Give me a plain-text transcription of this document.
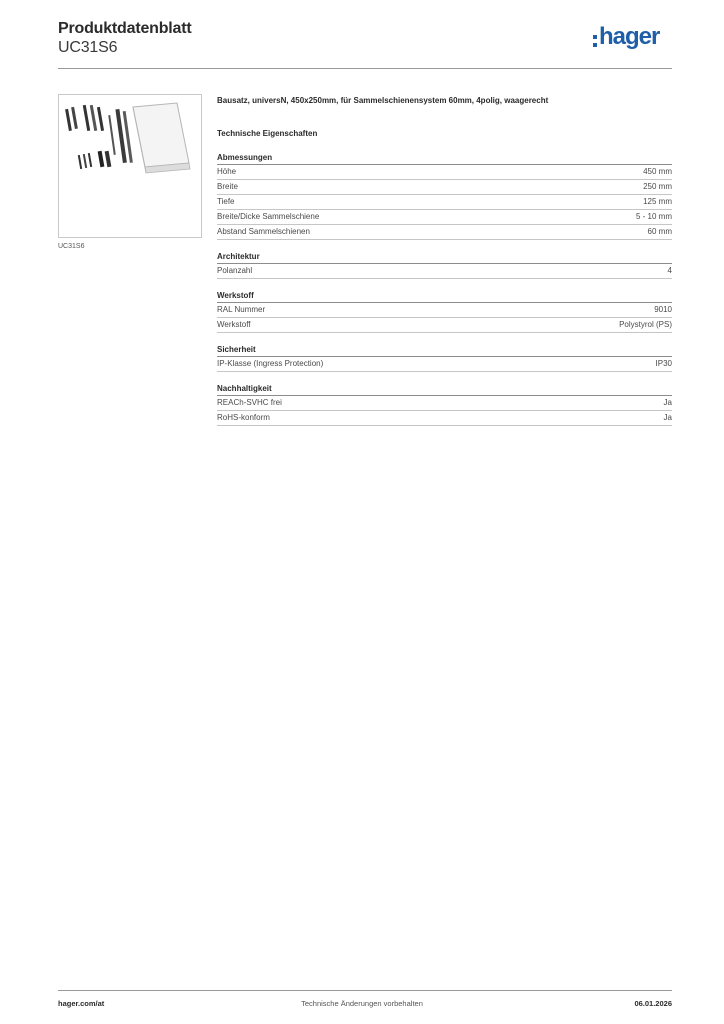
Produktdatenblatt
UC31S6	hager
UC31S6
Bausatz, universN, 450x250mm, für Sammelschienensystem 60mm, 4polig, waagerecht
Technische Eigenschaften
Abmessungen
Höhe	450 mm
Breite	250 mm
Tiefe	125 mm
Breite/Dicke Sammelschiene	5 - 10 mm
Abstand Sammelschienen	60 mm
Architektur
Polanzahl	4
Werkstoff
RAL Nummer	9010
Werkstoff	Polystyrol (PS)
Sicherheit
IP-Klasse (Ingress Protection)	IP30
Nachhaltigkeit
REACh-SVHC frei	Ja
RoHS-konform	Ja
hager.com/at	Technische Änderungen vorbehalten	06.01.2026
